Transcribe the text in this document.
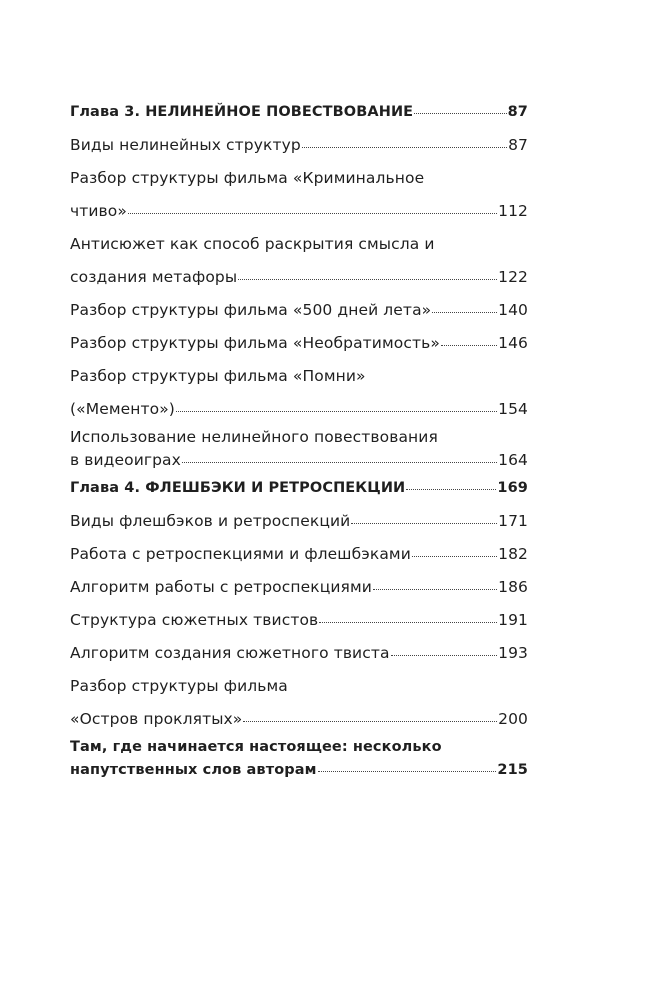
Глава 3. НЕЛИНЕЙНОЕ ПОВЕСТВОВАНИЕ	87
Виды нелинейных структур	87
Разбор структуры фильма «Криминальное
чтиво»	112
Антисюжет как способ раскрытия смысла и
создания метафоры	122
Разбор структуры фильма «500 дней лета»	140
Разбор структуры фильма «Необратимость»	146
Разбор структуры фильма «Помни»
(«Мементо»)	154
Использование нелинейного повествования
в видеоиграх	164
Глава 4. ФЛЕШБЭКИ И РЕТРОСПЕКЦИИ	169
Виды флешбэков и ретроспекций	171
Работа с ретроспекциями и флешбэками	182
Алгоритм работы с ретроспекциями	186
Структура сюжетных твистов	191
Алгоритм создания сюжетного твиста	193
Разбор структуры фильма
«Остров проклятых»	200
Там, где начинается настоящее: несколько
напутственных слов авторам	215
